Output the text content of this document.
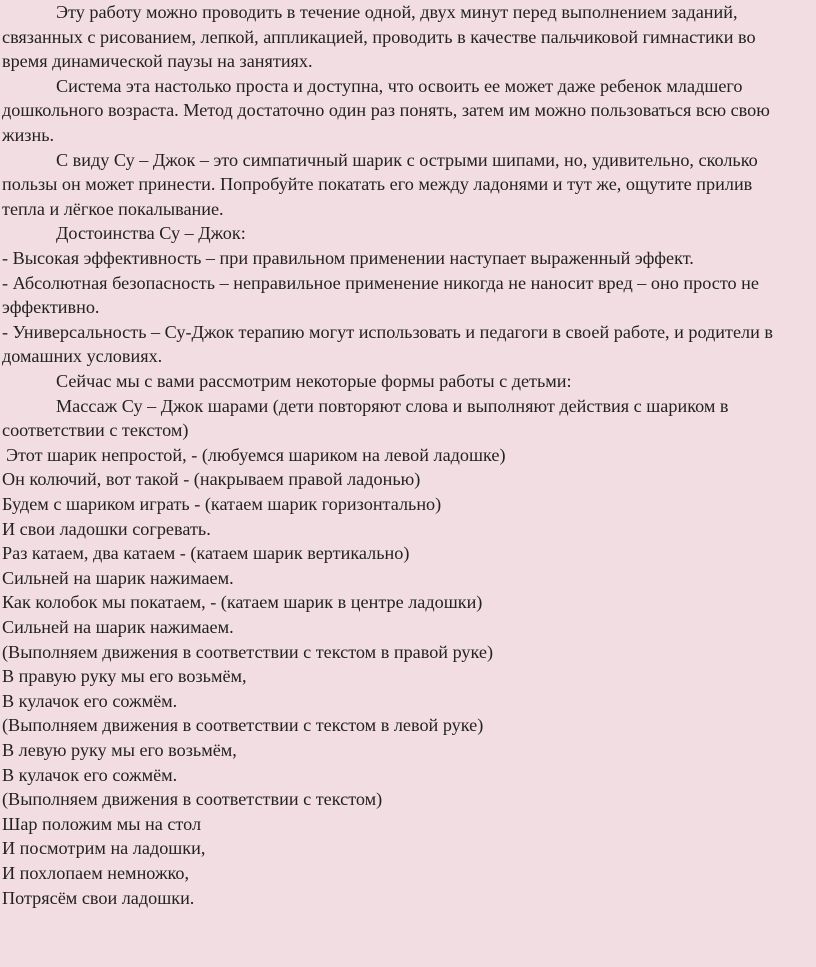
Эту работу можно проводить в течение одной, двух минут перед выполнением заданий,
связанных с рисованием, лепкой, аппликацией, проводить в качестве пальчиковой гимнастики во
время динамической паузы на занятиях.
Система эта настолько проста и доступна, что освоить ее может даже ребенок младшего
дошкольного возраста. Метод достаточно один раз понять, затем им можно пользоваться всю свою
жизнь.
С виду Су – Джок – это симпатичный шарик с острыми шипами, но, удивительно, сколько
пользы он может принести. Попробуйте покатать его между ладонями и тут же, ощутите прилив
тепла и лёгкое покалывание.
Достоинства Су – Джок:
- Высокая эффективность – при правильном применении наступает выраженный эффект.
- Абсолютная безопасность – неправильное применение никогда не наносит вред – оно просто не
эффективно.
- Универсальность – Су-Джок терапию могут использовать и педагоги в своей работе, и родители в
домашних условиях.
Сейчас мы с вами рассмотрим некоторые формы работы с детьми:
Массаж Су – Джок шарами (дети повторяют слова и выполняют действия с шариком в
соответствии с текстом)
Этот шарик непростой, - (любуемся шариком на левой ладошке)
Он колючий, вот такой - (накрываем правой ладонью)
Будем с шариком играть - (катаем шарик горизонтально)
И свои ладошки согревать.
Раз катаем, два катаем - (катаем шарик вертикально)
Сильней на шарик нажимаем.
Как колобок мы покатаем, - (катаем шарик в центре ладошки)
Сильней на шарик нажимаем.
(Выполняем движения в соответствии с текстом в правой руке)
В правую руку мы его возьмём,
В кулачок его сожмём.
(Выполняем движения в соответствии с текстом в левой руке)
В левую руку мы его возьмём,
В кулачок его сожмём.
(Выполняем движения в соответствии с текстом)
Шар положим мы на стол
И посмотрим на ладошки,
И похлопаем немножко,
Потрясём свои ладошки.
